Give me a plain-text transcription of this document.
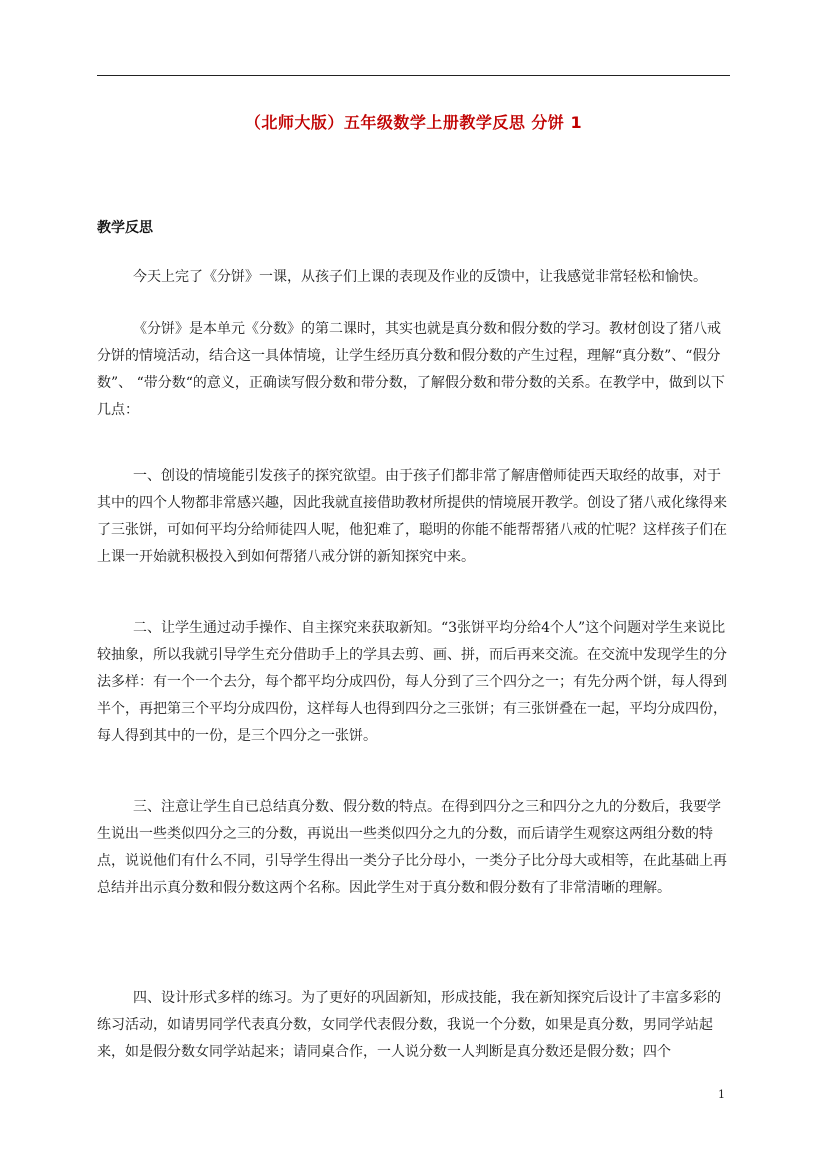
（北师大版）五年级数学上册教学反思 分饼 1
教学反思

今天上完了《分饼》一课，从孩子们上课的表现及作业的反馈中，让我感觉非常轻松和愉快。

《分饼》是本单元《分数》的第二课时，其实也就是真分数和假分数的学习。教材创设了猪八戒分饼的情境活动，结合这一具体情境，让学生经历真分数和假分数的产生过程，理解“真分数”、“假分数”、 “带分数“的意义，正确读写假分数和带分数，了解假分数和带分数的关系。在教学中，做到以下几点：

一、创设的情境能引发孩子的探究欲望。由于孩子们都非常了解唐僧师徒西天取经的故事，对于其中的四个人物都非常感兴趣，因此我就直接借助教材所提供的情境展开教学。创设了猪八戒化缘得来了三张饼，可如何平均分给师徒四人呢，他犯难了，聪明的你能不能帮帮猪八戒的忙呢？这样孩子们在上课一开始就积极投入到如何帮猪八戒分饼的新知探究中来。

二、让学生通过动手操作、自主探究来获取新知。“3张饼平均分给4个人”这个问题对学生来说比较抽象，所以我就引导学生充分借助手上的学具去剪、画、拼，而后再来交流。在交流中发现学生的分法多样：有一个一个去分，每个都平均分成四份，每人分到了三个四分之一；有先分两个饼，每人得到半个，再把第三个平均分成四份，这样每人也得到四分之三张饼；有三张饼叠在一起，平均分成四份，每人得到其中的一份，是三个四分之一张饼。

三、注意让学生自已总结真分数、假分数的特点。在得到四分之三和四分之九的分数后，我要学生说出一些类似四分之三的分数，再说出一些类似四分之九的分数，而后请学生观察这两组分数的特点，说说他们有什么不同，引导学生得出一类分子比分母小，一类分子比分母大或相等，在此基础上再总结并出示真分数和假分数这两个名称。因此学生对于真分数和假分数有了非常清晰的理解。

四、设计形式多样的练习。为了更好的巩固新知，形成技能，我在新知探究后设计了丰富多彩的练习活动，如请男同学代表真分数，女同学代表假分数，我说一个分数，如果是真分数，男同学站起来，如是假分数女同学站起来；请同桌合作，一人说分数一人判断是真分数还是假分数；四个

1
